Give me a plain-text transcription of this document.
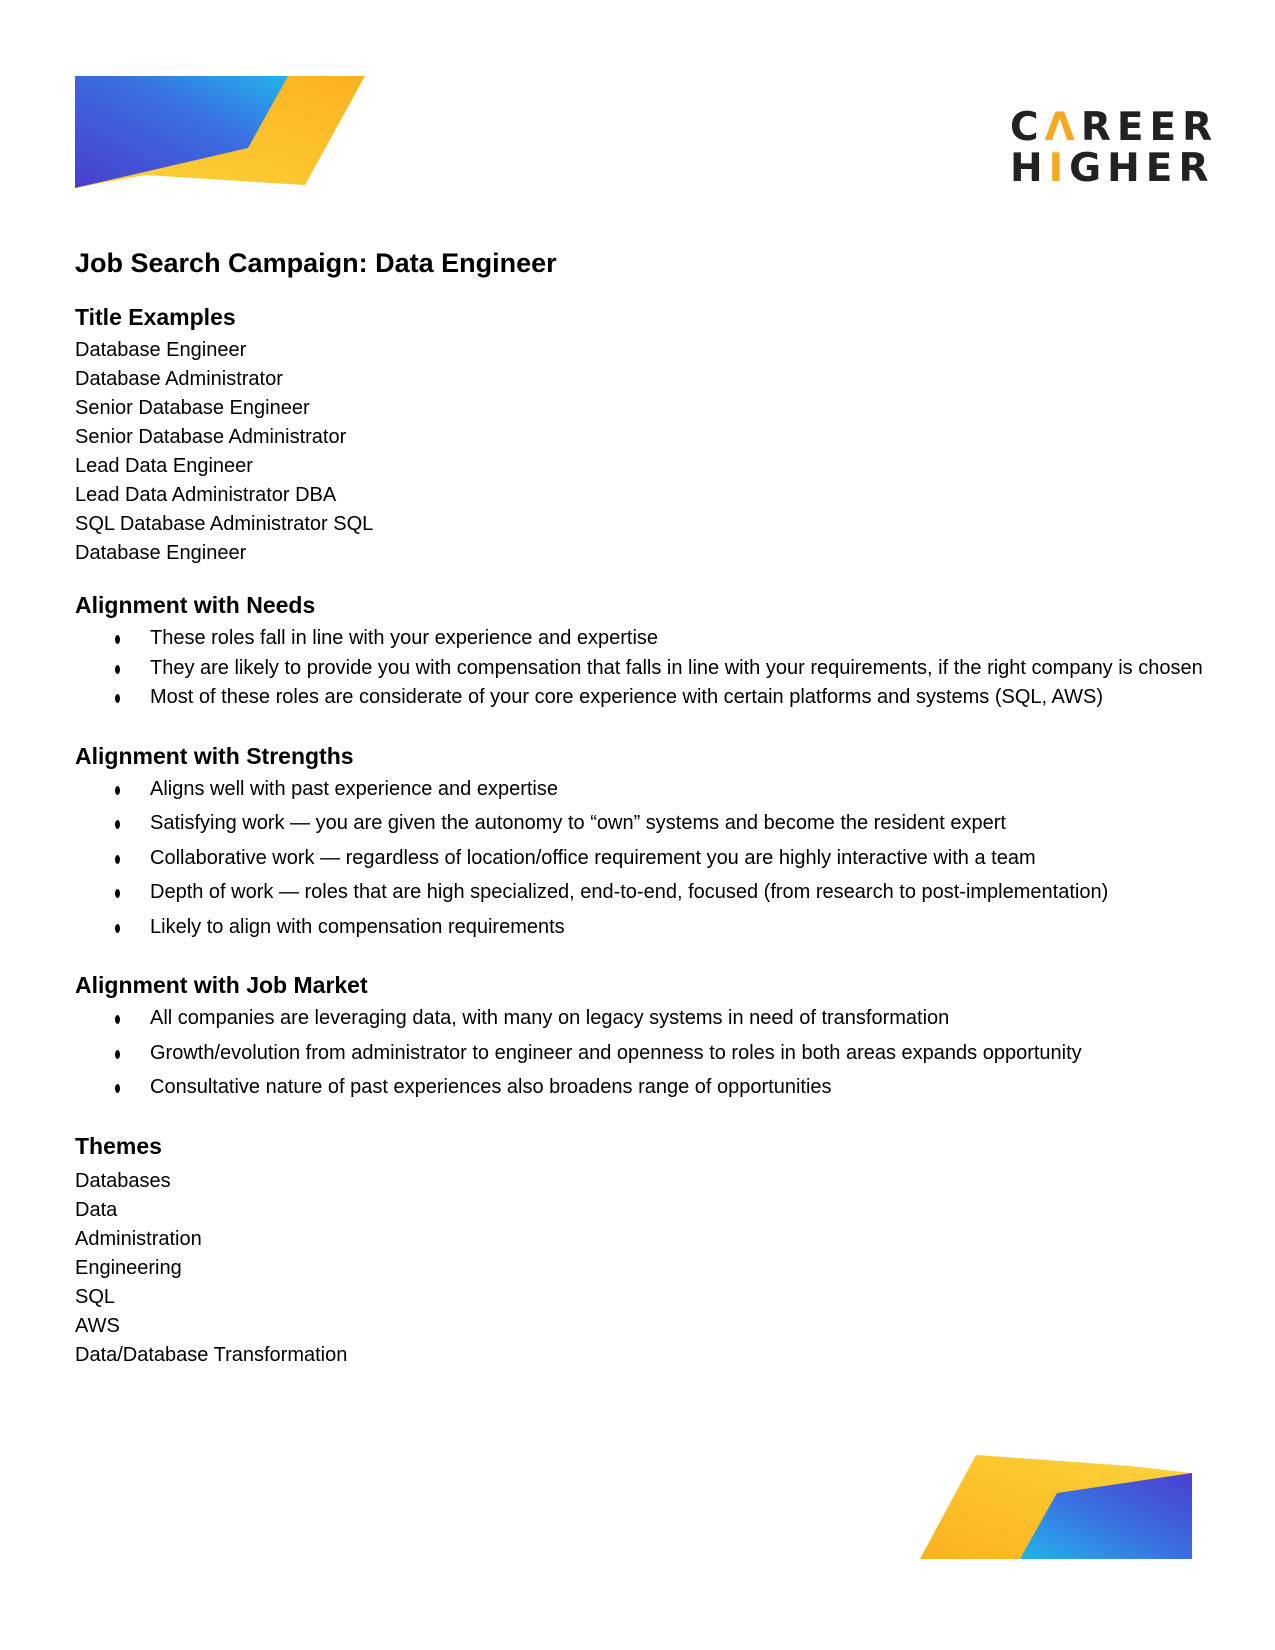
CΛREER
HIGHER
Job Search Campaign: Data Engineer
Title Examples
Database Engineer
Database Administrator
Senior Database Engineer
Senior Database Administrator
Lead Data Engineer
Lead Data Administrator DBA
SQL Database Administrator SQL
Database Engineer
Alignment with Needs
These roles fall in line with your experience and expertise
They are likely to provide you with compensation that falls in line with your requirements, if the right company is chosen
Most of these roles are considerate of your core experience with certain platforms and systems (SQL, AWS)
Alignment with Strengths
Aligns well with past experience and expertise
Satisfying work — you are given the autonomy to “own” systems and become the resident expert
Collaborative work — regardless of location/office requirement you are highly interactive with a team
Depth of work — roles that are high specialized, end-to-end, focused (from research to post-implementation)
Likely to align with compensation requirements
Alignment with Job Market
All companies are leveraging data, with many on legacy systems in need of transformation
Growth/evolution from administrator to engineer and openness to roles in both areas expands opportunity
Consultative nature of past experiences also broadens range of opportunities
Themes
Databases
Data
Administration
Engineering
SQL
AWS
Data/Database Transformation
